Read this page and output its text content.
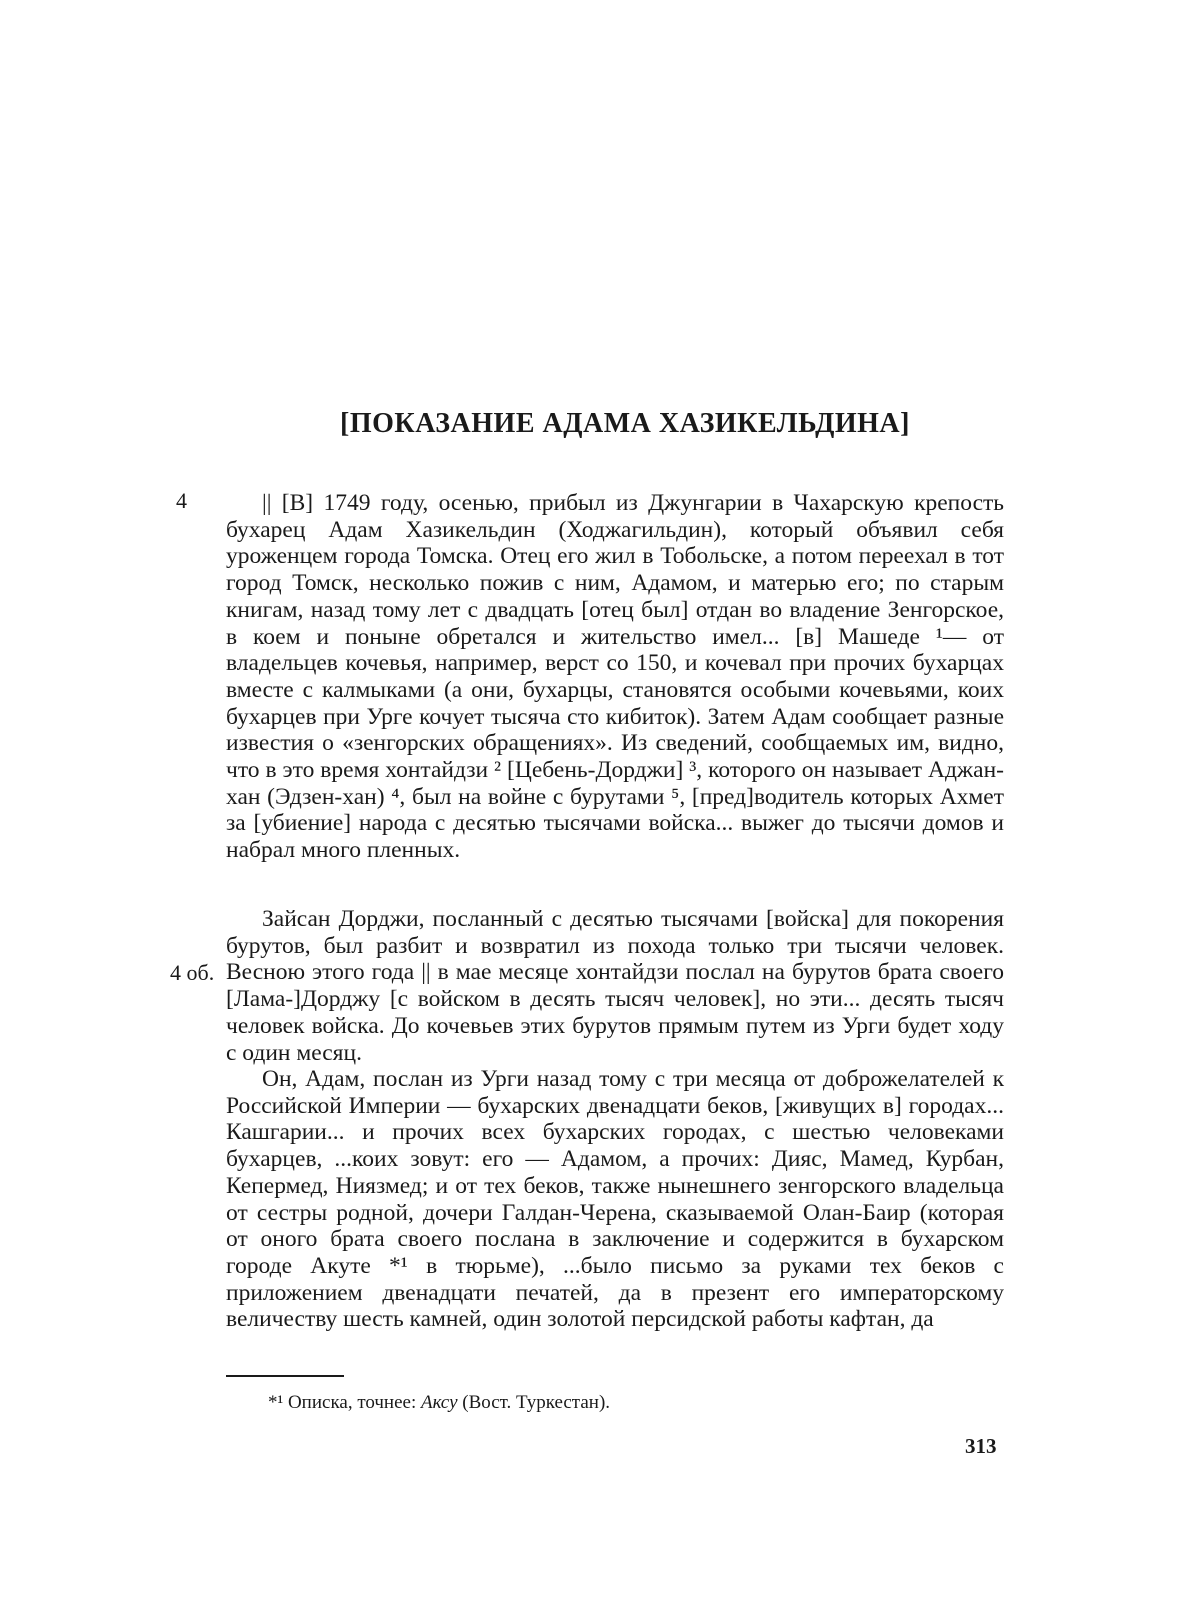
[ПОКАЗАНИЕ АДАМА ХАЗИКЕЛЬДИНА]
4
4 об.

|| [В] 1749 году, осенью, прибыл из Джунгарии в Чахарскую крепость бухарец Адам Хазикельдин (Ходжагильдин), который объявил себя уроженцем города Томска. Отец его жил в Тобольске, а потом переехал в тот город Томск, несколько пожив с ним, Адамом, и матерью его; по старым книгам, назад тому лет с двадцать [отец был] отдан во владение Зенгорское, в коем и поныне обретался и жительство имел... [в] Машеде ¹— от владельцев кочевья, например, верст со 150, и кочевал при прочих бухарцах вместе с калмыками (а они, бухарцы, становятся особыми кочевьями, коих бухарцев при Урге кочует тысяча сто кибиток). Затем Адам сообщает разные известия о «зенгорских обращениях». Из сведений, сообщаемых им, видно, что в это время хонтайдзи ² [Цебень-Дорджи] ³, которого он называет Аджан-хан (Эдзен-хан) ⁴, был на войне с бурутами ⁵, [пред]водитель которых Ахмет за [убиение] народа с десятью тысячами войска... выжег до тысячи домов и набрал много пленных.

Зайсан Дорджи, посланный с десятью тысячами [войска] для покорения бурутов, был разбит и возвратил из похода только три тысячи человек. Весною этого года || в мае месяце хонтайдзи послал на бурутов брата своего [Лама-]Дорджу [с войском в десять тысяч человек], но эти... десять тысяч человек войска. До кочевьев этих бурутов прямым путем из Урги будет ходу с один месяц.

Он, Адам, послан из Урги назад тому с три месяца от доброжелателей к Российской Империи — бухарских двенадцати беков, [живущих в] городах... Кашгарии... и прочих всех бухарских городах, с шестью человеками бухарцев, ...коих зовут: его — Адамом, а прочих: Дияс, Мамед, Курбан, Кепермед, Ниязмед; и от тех беков, также нынешнего зенгорского владельца от сестры родной, дочери Галдан-Черена, сказываемой Олан-Баир (которая от оного брата своего послана в заключение и содержится в бухарском городе Акуте *¹ в тюрьме), ...было письмо за руками тех беков с приложением двенадцати печатей, да в презент его императорскому величеству шесть камней, один золотой персидской работы кафтан, да

*¹ Описка, точнее: Аксу (Вост. Туркестан).
313
